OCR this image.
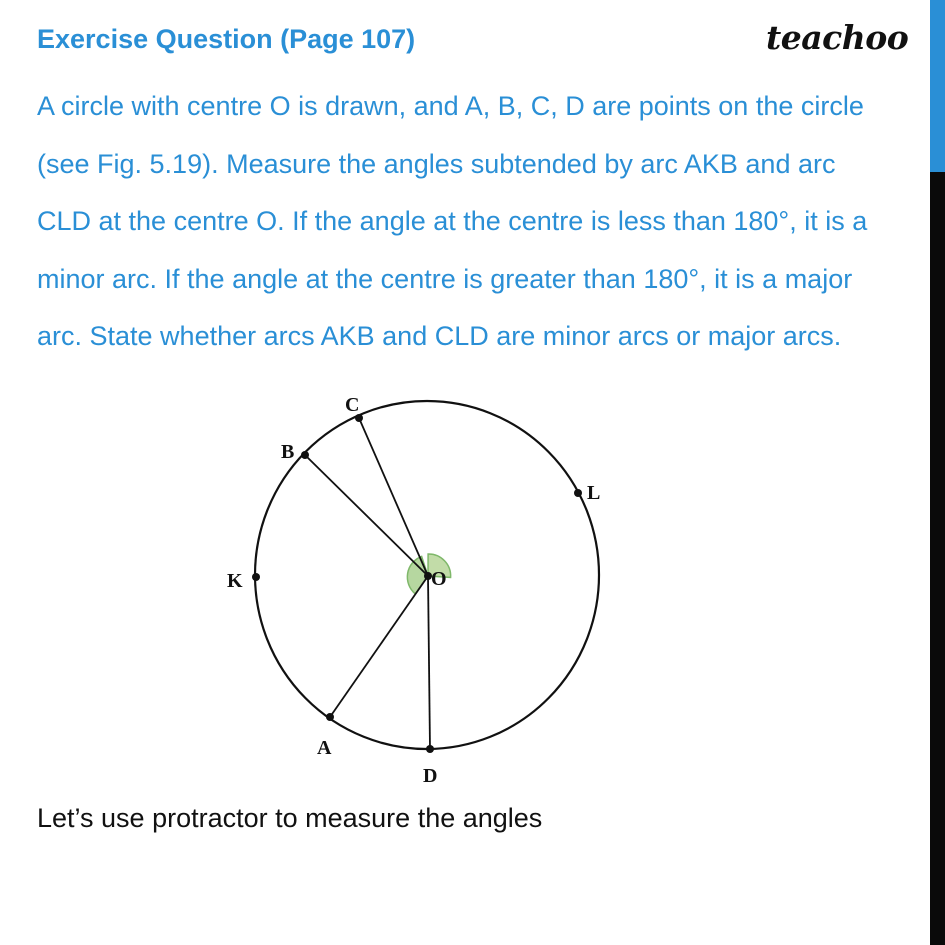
Exercise Question (Page 107)	teachoo
A circle with centre O is drawn, and A, B, C, D are points on the circle
(see Fig. 5.19). Measure the angles subtended by arc AKB and arc
CLD at the centre O. If the angle at the centre is less than 180°, it is a
minor arc. If the angle at the centre is greater than 180°, it is a major
arc. State whether arcs AKB and CLD are minor arcs or major arcs.
O
A
B
C
D
K
L
Let’s use protractor to measure the angles
